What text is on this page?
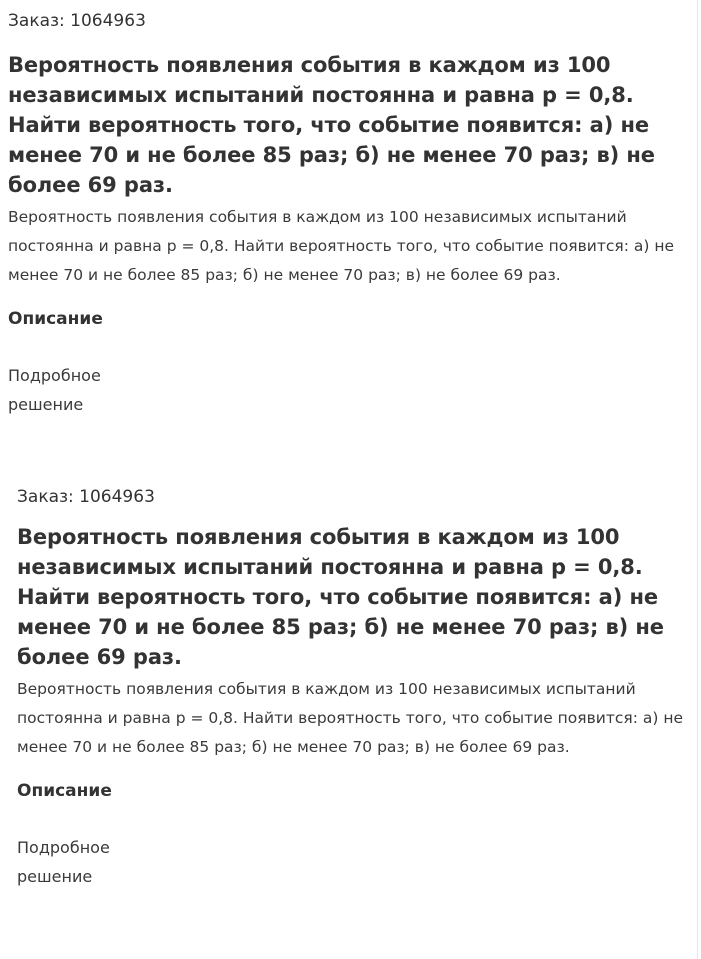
Заказ: 1064963

Вероятность появления события в каждом из 100 независимых испытаний постоянна и равна p = 0,8. Найти вероятность того, что событие появится: а) не менее 70 и не более 85 раз; б) не менее 70 раз; в) не более 69 раз.

Вероятность появления события в каждом из 100 независимых испытаний постоянна и равна p = 0,8. Найти вероятность того, что событие появится: а) не менее 70 и не более 85 раз; б) не менее 70 раз; в) не более 69 раз.

Описание
Подробное решение

Заказ: 1064963

Вероятность появления события в каждом из 100 независимых испытаний постоянна и равна p = 0,8. Найти вероятность того, что событие появится: а) не менее 70 и не более 85 раз; б) не менее 70 раз; в) не более 69 раз.

Вероятность появления события в каждом из 100 независимых испытаний постоянна и равна p = 0,8. Найти вероятность того, что событие появится: а) не менее 70 и не более 85 раз; б) не менее 70 раз; в) не более 69 раз.

Описание
Подробное решение
